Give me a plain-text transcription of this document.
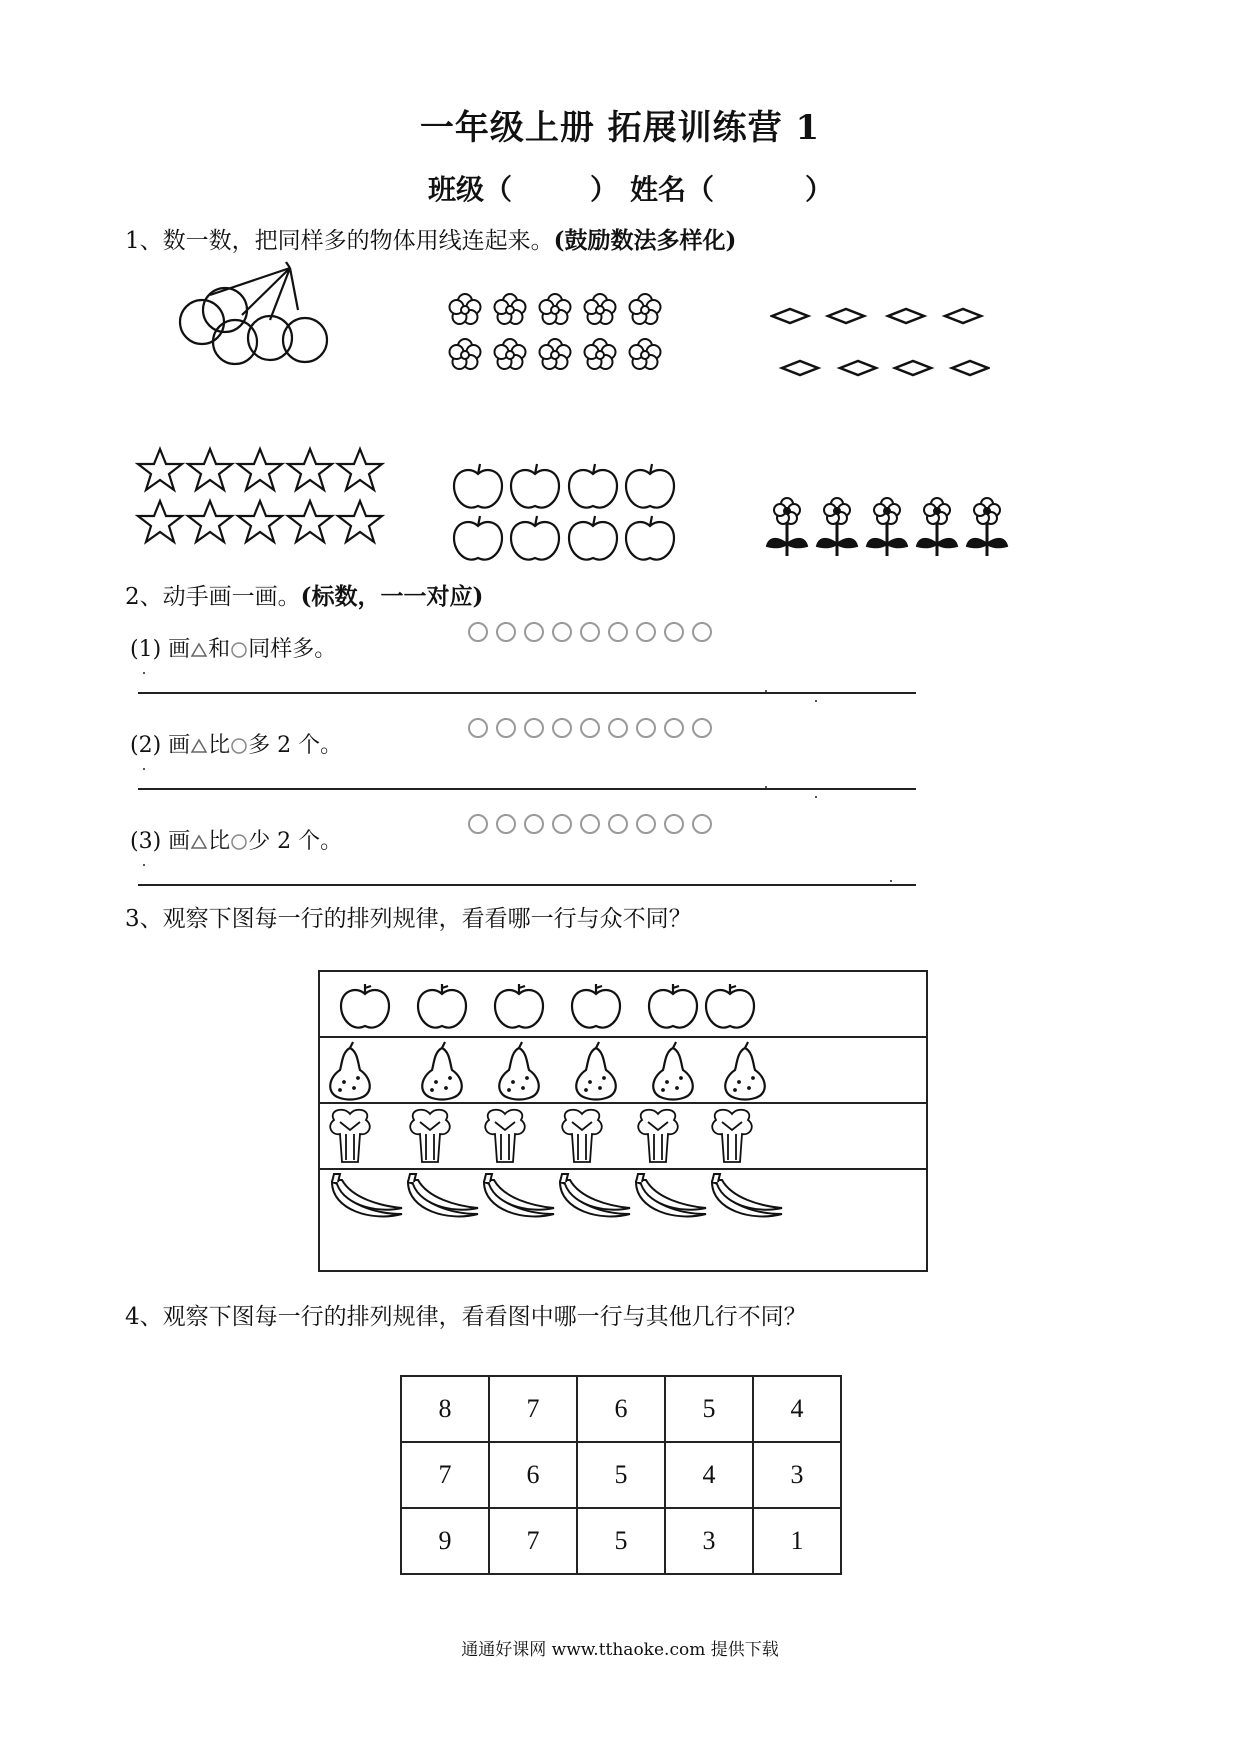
一年级上册 拓展训练营 1
班级（	） 姓名（	）
1、数一数，把同样多的物体用线连起来。(鼓励数法多样化)
2、动手画一画。(标数，一一对应)
(1) 画 和 同样多。
(2) 画 比 多 2 个。
(3) 画 比 少 2 个。
3、观察下图每一行的排列规律，看看哪一行与众不同？
4、观察下图每一行的排列规律，看看图中哪一行与其他几行不同？
8	7	6	5	4
7	6	5	4	3
9	7	5	3	1
通通好课网 www.tthaoke.com 提供下载
